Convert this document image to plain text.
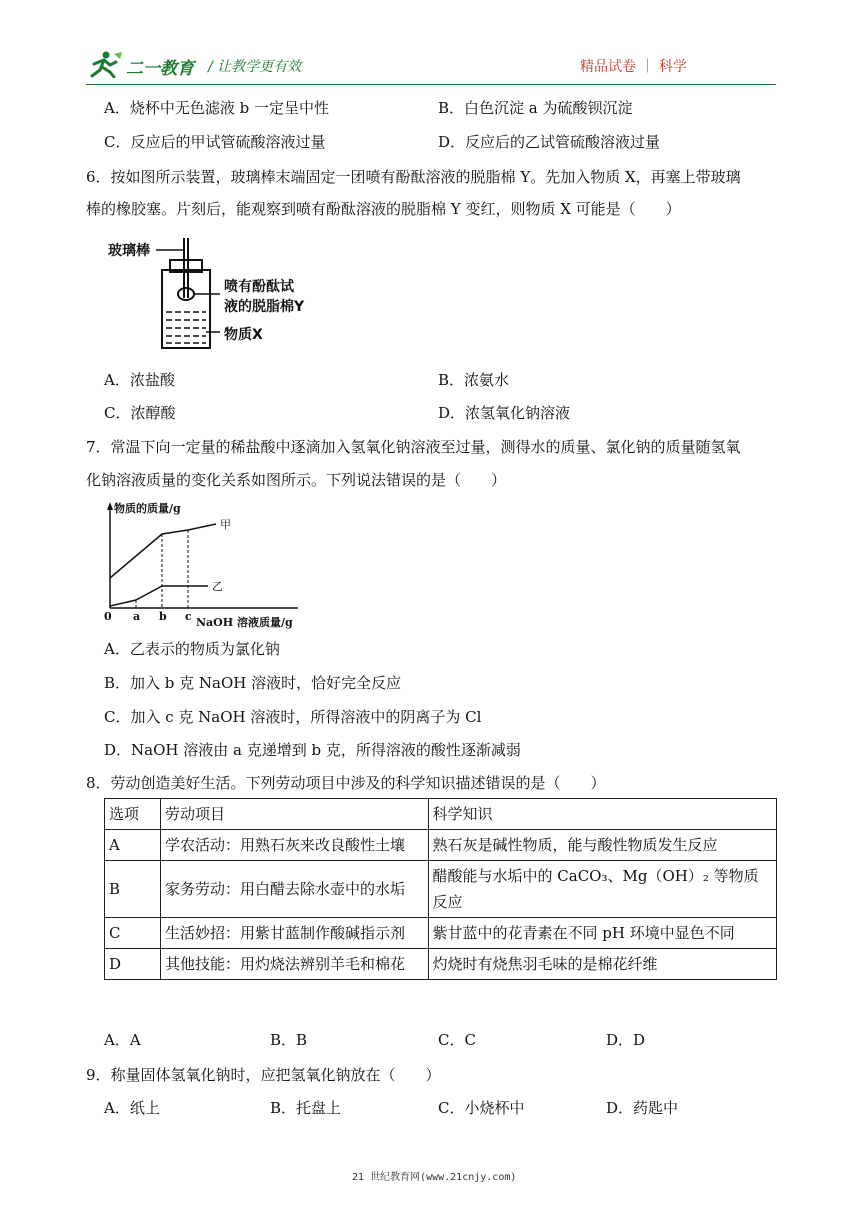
二一教育 / 让教学更有效	精品试卷 ｜ 科学
A．烧杯中无色滤液 b 一定呈中性	B．白色沉淀 a 为硫酸钡沉淀
C．反应后的甲试管硫酸溶液过量	D．反应后的乙试管硫酸溶液过量
6．按如图所示装置，玻璃棒末端固定一团喷有酚酞溶液的脱脂棉 Y。先加入物质 X，再塞上带玻璃
棒的橡胶塞。片刻后，能观察到喷有酚酞溶液的脱脂棉 Y 变红，则物质 X 可能是（　　）
玻璃棒
喷有酚酞试
液的脱脂棉Y
物质X
A．浓盐酸	B．浓氨水
C．浓醇酸	D．浓氢氧化钠溶液
7．常温下向一定量的稀盐酸中逐滴加入氢氧化钠溶液至过量，测得水的质量、氯化钠的质量随氢氧
化钠溶液质量的变化关系如图所示。下列说法错误的是（　　）
物质的质量/g
甲
乙
0 a b c NaOH 溶液质量/g
A．乙表示的物质为氯化钠
B．加入 b 克 NaOH 溶液时，恰好完全反应
C．加入 c 克 NaOH 溶液时，所得溶液中的阴离子为 Cl
D．NaOH 溶液由 a 克递增到 b 克，所得溶液的酸性逐渐减弱
8．劳动创造美好生活。下列劳动项目中涉及的科学知识描述错误的是（　　）
选项	劳动项目	科学知识
A	学农活动：用熟石灰来改良酸性土壤	熟石灰是碱性物质，能与酸性物质发生反应
B	家务劳动：用白醋去除水壶中的水垢	醋酸能与水垢中的 CaCO₃、Mg（OH）₂ 等物质反应
C	生活妙招：用紫甘蓝制作酸碱指示剂	紫甘蓝中的花青素在不同 pH 环境中显色不同
D	其他技能：用灼烧法辨别羊毛和棉花	灼烧时有烧焦羽毛味的是棉花纤维
A．A	B．B	C．C	D．D
9．称量固体氢氧化钠时，应把氢氧化钠放在（　　）
A．纸上	B．托盘上	C．小烧杯中	D．药匙中
21 世纪教育网(www.21cnjy.com)
